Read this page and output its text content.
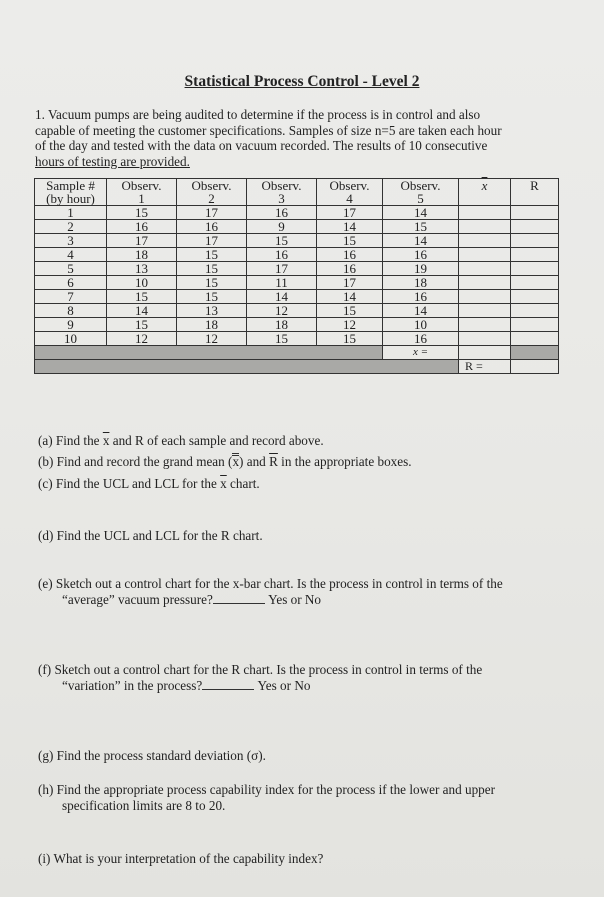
Statistical Process Control - Level 2
1. Vacuum pumps are being audited to determine if the process is in control and also
capable of meeting the customer specifications. Samples of size n=5 are taken each hour
of the day and tested with the data on vacuum recorded. The results of 10 consecutive
hours of testing are provided.
Sample #	Observ.	Observ.	Observ.	Observ.	Observ.	$\overline{x}$	R
(by hour)	1	2	3	4	5		
1	15	17	16	17	14		
2	16	16	9	14	15		
3	17	17	15	15	14		
4	18	15	16	16	16		
5	13	15	17	16	19		
6	10	15	11	17	18		
7	15	15	14	14	16		
8	14	13	12	15	14		
9	15	18	18	12	10		
10	12	12	15	15	16		
					x =		
						R =	
(a) Find the $\overline{x}$ and R of each sample and record above.
(b) Find and record the grand mean (x) and $\overline{R}$ in the appropriate boxes.
(c) Find the UCL and LCL for the $\overline{x}$ chart.
(d) Find the UCL and LCL for the R chart.
(e) Sketch out a control chart for the x-bar chart. Is the process in control in terms of the
“average” vacuum pressure?	Yes or No
(f) Sketch out a control chart for the R chart. Is the process in control in terms of the
“variation” in the process?	Yes or No
(g) Find the process standard deviation (σ).
(h) Find the appropriate process capability index for the process if the lower and upper
specification limits are 8 to 20.
(i) What is your interpretation of the capability index?
